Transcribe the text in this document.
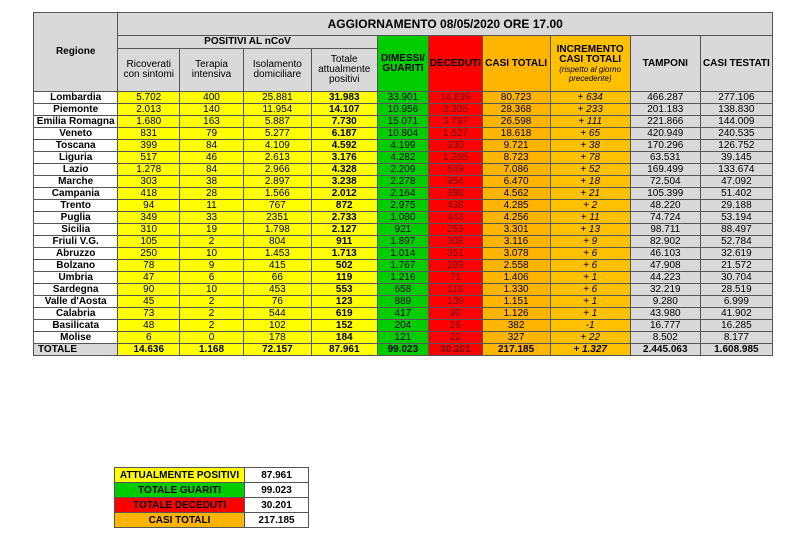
Regione	AGGIORNAMENTO 08/05/2020 ORE 17.00									
	POSITIVI AL nCoV				DIMESSI/ GUARITI	DECEDUTI	CASI TOTALI	INCREMENTO CASI TOTALI
(rispetto al giorno precedente)	TAMPONI	CASI TESTATI
	Ricoverati con sintomi	Terapia intensiva	Isolamento domiciliare	Totale attualmente positivi						
Lombardia	5.702	400	25.881	31.983	33.901	14.839	80.723	+ 634	466.287	277.106
Piemonte	2.013	140	11.954	14.107	10.956	3.305	28.368	+ 233	201.183	138.830
Emilia Romagna	1.680	163	5.887	7.730	15.071	3.797	26.598	+ 111	221.866	144.009
Veneto	831	79	5.277	6.187	10.804	1.627	18.618	+ 65	420.949	240.535
Toscana	399	84	4.109	4.592	4.199	930	9.721	+ 38	170.296	126.752
Liguria	517	46	2.613	3.176	4.282	1.265	8.723	+ 78	63.531	39.145
Lazio	1.278	84	2.966	4.328	2.209	549	7.086	+ 52	169.499	133.674
Marche	303	38	2.897	3.238	2.278	954	6.470	+ 18	72.504	47.092
Campania	418	28	1.566	2.012	2.164	386	4.562	+ 21	105.399	51.402
Trento	94	11	767	872	2.975	438	4.285	+ 2	48.220	29.188
Puglia	349	33	2351	2.733	1.080	443	4.256	+ 11	74.724	53.194
Sicilia	310	19	1.798	2.127	921	253	3.301	+ 13	98.711	88.497
Friuli V.G.	105	2	804	911	1.897	308	3.116	+ 9	82.902	52.784
Abruzzo	250	10	1.453	1.713	1.014	351	3.078	+ 6	46.103	32.619
Bolzano	78	9	415	502	1.767	289	2.558	+ 6	47.908	21.572
Umbria	47	6	66	119	1.216	71	1.406	+ 1	44.223	30.704
Sardegna	90	10	453	553	658	119	1.330	+ 6	32.219	28.519
Valle d'Aosta	45	2	76	123	889	139	1.151	+ 1	9.280	6.999
Calabria	73	2	544	619	417	90	1.126	+ 1	43.980	41.902
Basilicata	48	2	102	152	204	26	382	-1	16.777	16.285
Molise	6	0	178	184	121	22	327	+ 22	8.502	8.177
TOTALE	14.636	1.168	72.157	87.961	99.023	30.201	217.185	+ 1.327	2.445.063	1.608.985
ATTUALMENTE POSITIVI	87.961
TOTALE GUARITI	99.023
TOTALE DECEDUTI	30.201
CASI TOTALI	217.185
